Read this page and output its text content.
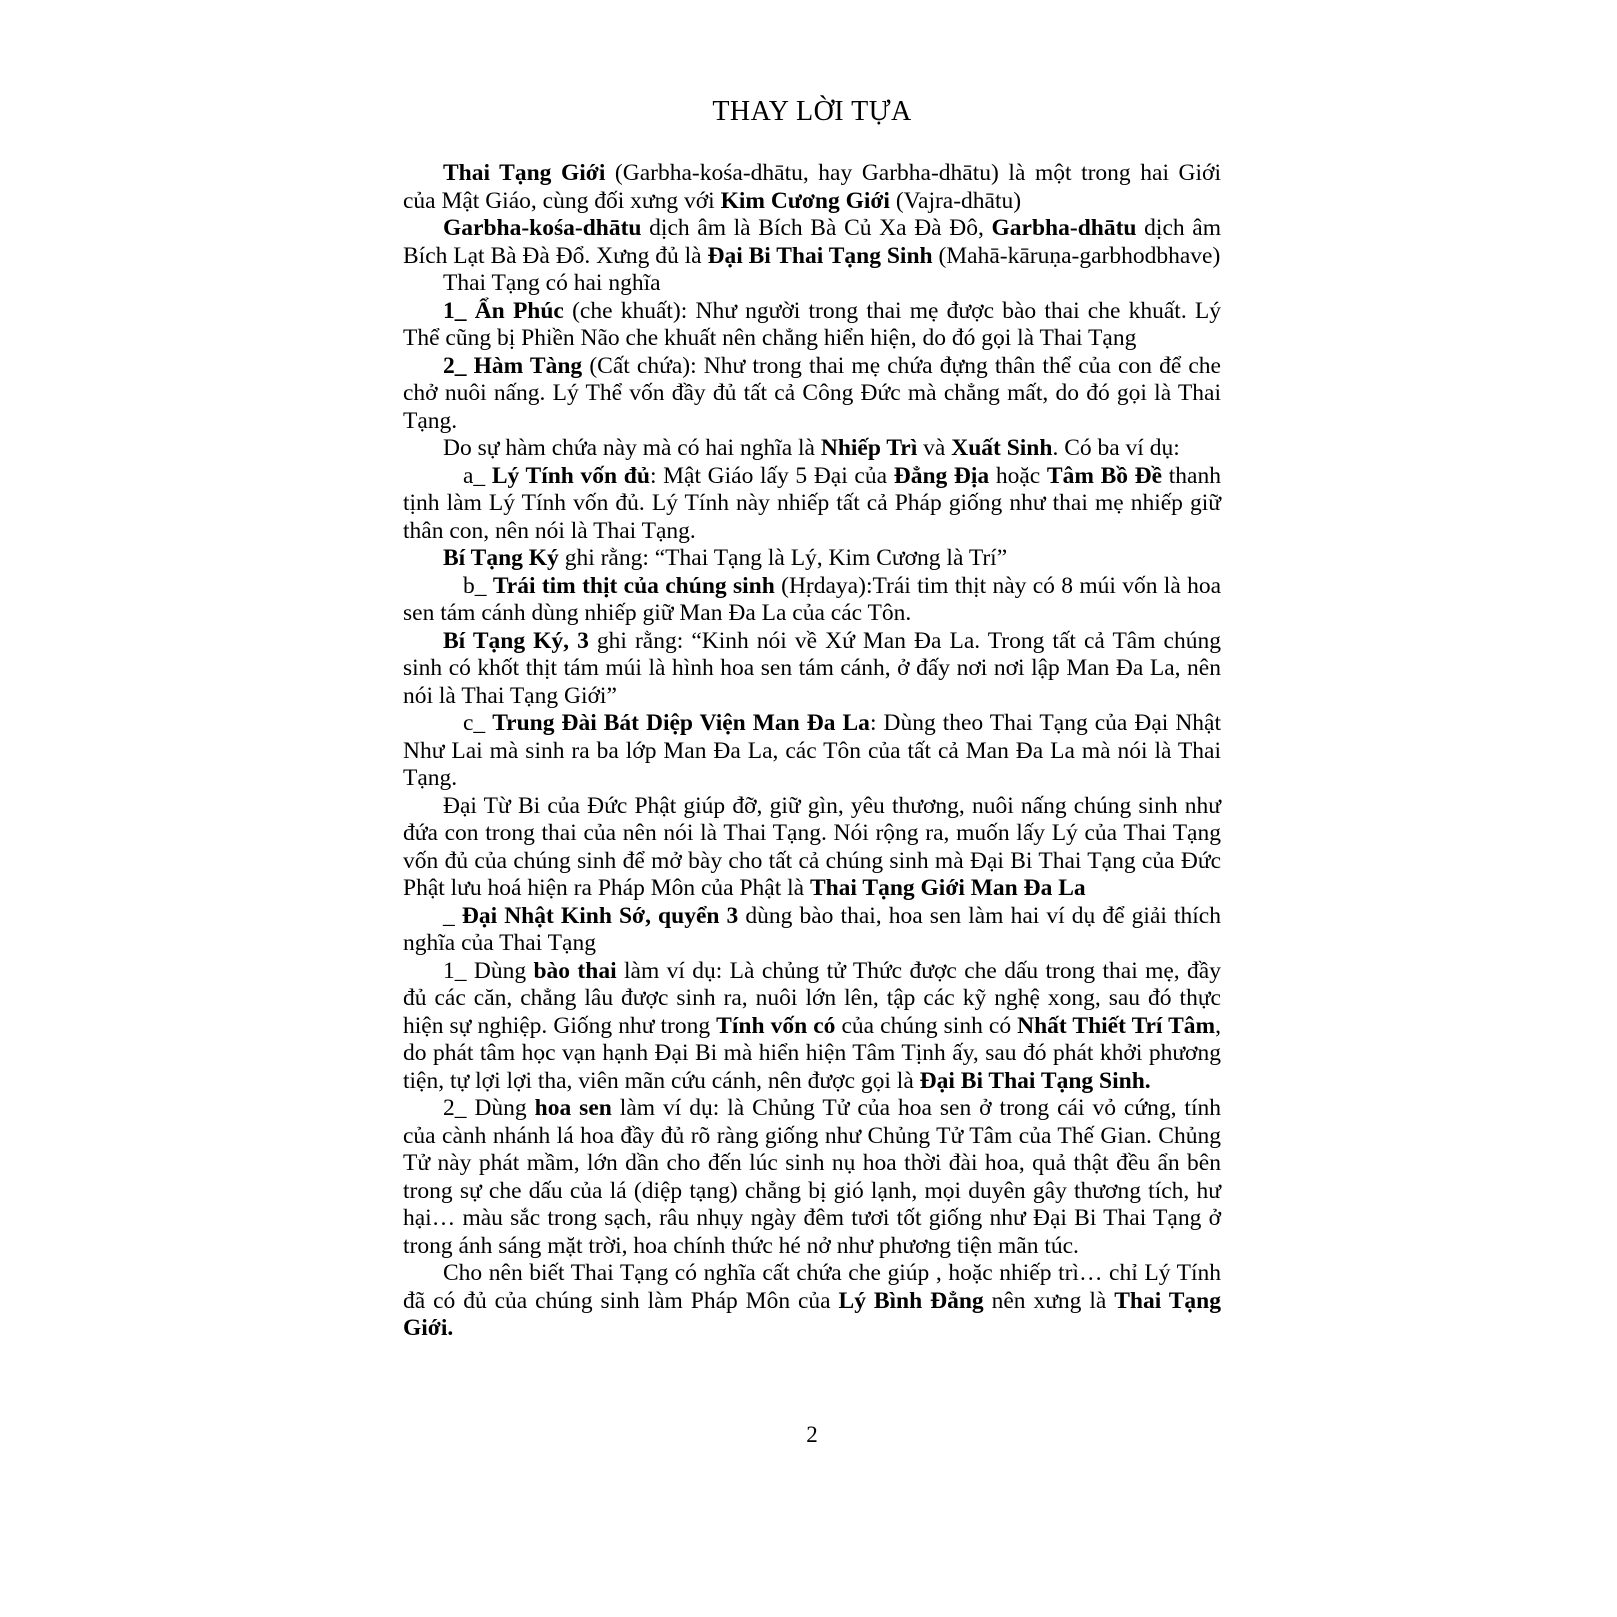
THAY LỜI TỰA

Thai Tạng Giới (Garbha-kośa-dhātu, hay Garbha-dhātu) là một trong hai Giới của Mật Giáo, cùng đối xưng với Kim Cương Giới (Vajra-dhātu)

Garbha-kośa-dhātu dịch âm là Bích Bà Củ Xa Đà Đô, Garbha-dhātu dịch âm Bích Lạt Bà Đà Đổ. Xưng đủ là Đại Bi Thai Tạng Sinh (Mahā-kāruṇa-garbhodbhave)

Thai Tạng có hai nghĩa

1_ Ẩn Phúc (che khuất): Như người trong thai mẹ được bào thai che khuất. Lý Thể cũng bị Phiền Não che khuất nên chẳng hiển hiện, do đó gọi là Thai Tạng

2_ Hàm Tàng (Cất chứa): Như trong thai mẹ chứa đựng thân thể của con để che chở nuôi nấng. Lý Thể vốn đầy đủ tất cả Công Đức mà chẳng mất, do đó gọi là Thai Tạng.

Do sự hàm chứa này mà có hai nghĩa là Nhiếp Trì và Xuất Sinh. Có ba ví dụ:

a_ Lý Tính vốn đủ: Mật Giáo lấy 5 Đại của Đẳng Địa hoặc Tâm Bồ Đề thanh tịnh làm Lý Tính vốn đủ. Lý Tính này nhiếp tất cả Pháp giống như thai mẹ nhiếp giữ thân con, nên nói là Thai Tạng.

Bí Tạng Ký ghi rằng: “Thai Tạng là Lý, Kim Cương là Trí”

b_ Trái tim thịt của chúng sinh (Hṛdaya):Trái tim thịt này có 8 múi vốn là hoa sen tám cánh dùng nhiếp giữ Man Đa La của các Tôn.

Bí Tạng Ký, 3 ghi rằng: “Kinh nói về Xứ Man Đa La. Trong tất cả Tâm chúng sinh có khốt thịt tám múi là hình hoa sen tám cánh, ở đấy nơi nơi lập Man Đa La, nên nói là Thai Tạng Giới”

c_ Trung Đài Bát Diệp Viện Man Đa La: Dùng theo Thai Tạng của Đại Nhật Như Lai mà sinh ra ba lớp Man Đa La, các Tôn của tất cả Man Đa La mà nói là Thai Tạng.

Đại Từ Bi của Đức Phật giúp đỡ, giữ gìn, yêu thương, nuôi nấng chúng sinh như đứa con trong thai của nên nói là Thai Tạng. Nói rộng ra, muốn lấy Lý của Thai Tạng vốn đủ của chúng sinh để mở bày cho tất cả chúng sinh mà Đại Bi Thai Tạng của Đức Phật lưu hoá hiện ra Pháp Môn của Phật là Thai Tạng Giới Man Đa La

_ Đại Nhật Kinh Sớ, quyển 3 dùng bào thai, hoa sen làm hai ví dụ để giải thích nghĩa của Thai Tạng

1_ Dùng bào thai làm ví dụ: Là chủng tử Thức được che dấu trong thai mẹ, đầy đủ các căn, chẳng lâu được sinh ra, nuôi lớn lên, tập các kỹ nghệ xong, sau đó thực hiện sự nghiệp. Giống như trong Tính vốn có của chúng sinh có Nhất Thiết Trí Tâm, do phát tâm học vạn hạnh Đại Bi mà hiển hiện Tâm Tịnh ấy, sau đó phát khởi phương tiện, tự lợi lợi tha, viên mãn cứu cánh, nên được gọi là Đại Bi Thai Tạng Sinh.

2_ Dùng hoa sen làm ví dụ: là Chủng Tử của hoa sen ở trong cái vỏ cứng, tính của cành nhánh lá hoa đầy đủ rõ ràng giống như Chủng Tử Tâm của Thế Gian. Chủng Tử này phát mầm, lớn dần cho đến lúc sinh nụ hoa thời đài hoa, quả thật đều ẩn bên trong sự che dấu của lá (diệp tạng) chẳng bị gió lạnh, mọi duyên gây thương tích, hư hại… màu sắc trong sạch, râu nhụy ngày đêm tươi tốt giống như Đại Bi Thai Tạng ở trong ánh sáng mặt trời, hoa chính thức hé nở như phương tiện mãn túc.

Cho nên biết Thai Tạng có nghĩa cất chứa che giúp , hoặc nhiếp trì… chỉ Lý Tính đã có đủ của chúng sinh làm Pháp Môn của Lý Bình Đẳng nên xưng là Thai Tạng Giới.

2
